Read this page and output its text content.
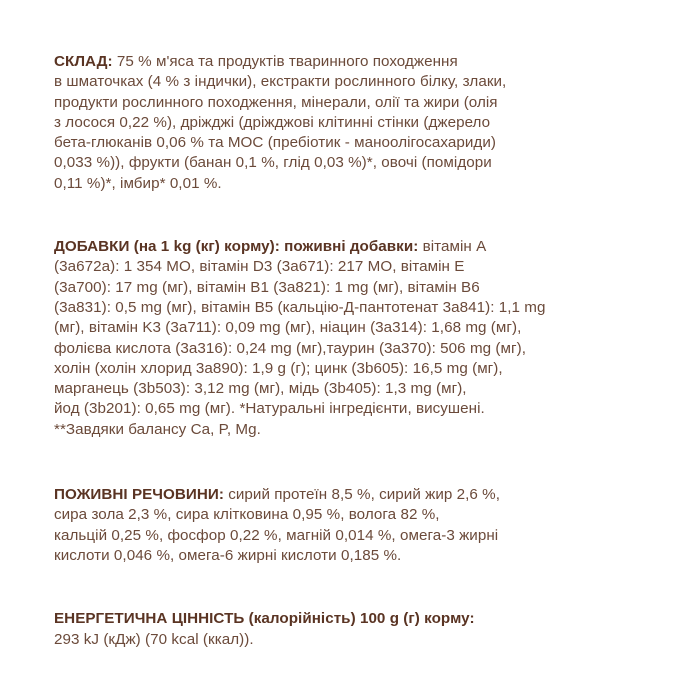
СКЛАД: 75 % м'яса та продуктів тваринного походження

в шматочках (4 % з індички), екстракти рослинного білку, злаки,

продукти рослинного походження, мінерали, олії та жири (олія

з лосося 0,22 %), дріжджі (дріжджові клітинні стінки (джерело

бета-глюканів 0,06 % та МОС (пребіотик - маноолігосахариди)

0,033 %)), фрукти (банан 0,1 %, глід 0,03 %)*, овочі (помідори

0,11 %)*, імбир* 0,01 %.

ДОБАВКИ (на 1 kg (кг) корму): поживні добавки: вітамін А

(3a672a): 1 354 МО, вітамін D3 (3a671): 217 МО, вітамін Е

(3a700): 17 mg (мг), вітамін B1 (3a821): 1 mg (мг), вітамін B6

(3a831): 0,5 mg (мг), вітамін B5 (кальцію-Д-пантотенат 3a841): 1,1 mg

(мг), вітамін K3 (3a711): 0,09 mg (мг), ніацин (3a314): 1,68 mg (мг),

фолієва кислота (3a316): 0,24 mg (мг),таурин (3a370): 506 mg (мг),

холін (холін хлорид 3a890): 1,9 g (г); цинк (3b605): 16,5 mg (мг),

марганець (3b503): 3,12 mg (мг), мідь (3b405): 1,3 mg (мг),

йод (3b201): 0,65 mg (мг). *Натуральні інгредієнти, висушені.

**Завдяки балансу Ca, P, Mg.

ПОЖИВНІ РЕЧОВИНИ: сирий протеїн 8,5 %, сирий жир 2,6 %,

сира зола 2,3 %, сира клітковина 0,95 %, волога 82 %,

кальцій 0,25 %, фосфор 0,22 %, магній 0,014 %, омега-3 жирні

кислоти 0,046 %, омега-6 жирні кислоти 0,185 %.

ЕНЕРГЕТИЧНА ЦІННІСТЬ (калорійність) 100 g (г) корму:

293 kJ (кДж) (70 kcal (ккал)).
